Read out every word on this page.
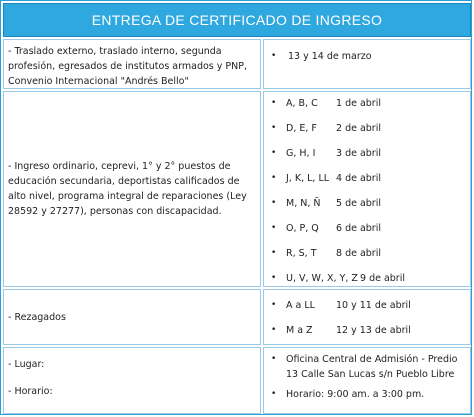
ENTREGA DE CERTIFICADO DE INGRESO
- Traslado externo, traslado interno, segunda profesión, egresados de institutos armados y PNP, Convenio Internacional "Andrés Bello"
• 13 y 14 de marzo
- Ingreso ordinario, ceprevi, 1° y 2° puestos de educación secundaria, deportistas calificados de alto nivel, programa integral de reparaciones (Ley 28592 y 27277), personas con discapacidad.
• A, B, C 1 de abril
• D, E, F 2 de abril
• G, H, I 3 de abril
• J, K, L, LL 4 de abril
• M, N, Ñ 5 de abril
• O, P, Q 6 de abril
• R, S, T 8 de abril
• U, V, W, X, Y, Z 9 de abril
- Rezagados
• A a LL 10 y 11 de abril
• M a Z 12 y 13 de abril
- Lugar:
- Horario:
• Oficina Central de Admisión - Predio 13 Calle San Lucas s/n Pueblo Libre
• Horario: 9:00 am. a 3:00 pm.
